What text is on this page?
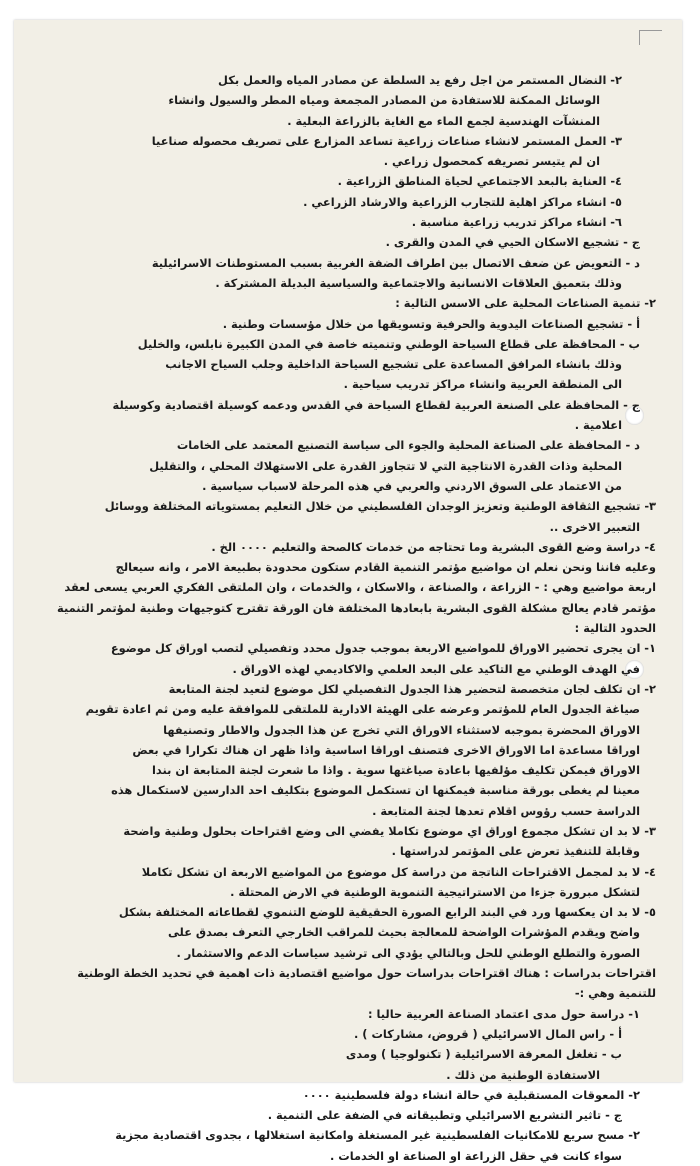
٢- النضال المستمر من اجل رفع يد السلطة عن مصادر المياه والعمل بكل

الوسائل الممكنة للاستفادة من المصادر المجمعة ومياه المطر والسيول وانشاء

المنشآت الهندسية لجمع الماء مع الغاية بالزراعة البعلية .

٣- العمل المستمر لانشاء صناعات زراعية تساعد المزارع على تصريف محصوله صناعيا

ان لم يتيسر تصريفه كمحصول زراعي .

٤- العناية بالبعد الاجتماعي لحياة المناطق الزراعية .

٥- انشاء مراكز اهلية للتجارب الزراعية والارشاد الزراعي .

٦- انشاء مراكز تدريب زراعية مناسبة .

ج - تشجيع الاسكان الحيي في المدن والقرى .

د - التعويض عن ضعف الاتصال بين اطراف الضفة الغربية بسبب المستوطنات الاسرائيلية

وذلك بتعميق العلاقات الانسانية والاجتماعية والسياسية البديلة المشتركة .

٢- تنمية الصناعات المحلية على الاسس التالية :

أ - تشجيع الصناعات اليدوية والحرفية وتسويقها من خلال مؤسسات وطنية .

ب - المحافظة على قطاع السياحة الوطني وتنميته خاصة في المدن الكبيرة نابلس، والخليل

وذلك بانشاء المرافق المساعدة على تشجيع السياحة الداخلية وجلب السياح الاجانب

الى المنطقة العربية وانشاء مراكز تدريب سياحية .

ج - المحافظة على الصنعة العربية لقطاع السياحة في القدس ودعمه كوسيلة اقتصادية وكوسيلة

اعلامية .

د - المحافظة على الصناعة المحلية والجوء الى سياسة التصنيع المعتمد على الخامات

المحلية وذات القدرة الانتاجية التي لا تتجاوز القدرة على الاستهلاك المحلي ، والتقليل

من الاعتماد على السوق الاردني والعربي في هذه المرحلة لاسباب سياسية .

٣- تشجيع الثقافة الوطنية وتعزيز الوجدان الفلسطيني من خلال التعليم بمستوياته المختلفة ووسائل

التعبير الاخرى ..

٤- دراسة وضع القوى البشرية وما تحتاجه من خدمات كالصحة والتعليم ٠٠٠٠ الخ .

وعليه فاننا ونحن نعلم ان مواضيع مؤتمر التنمية القادم ستكون محدودة بطبيعة الامر ، وانه سيعالج

اربعة مواضيع وهي : - الزراعة ، والصناعة ، والاسكان ، والخدمات ، وان الملتقى الفكري العربي يسعى لعقد

مؤتمر قادم يعالج مشكلة القوى البشرية بابعادها المختلفة فان الورقة تقترح كتوجيهات وطنية لمؤتمر التنمية

الحدود التالية :

١- ان يجرى تحضير الاوراق للمواضيع الاربعة بموجب جدول محدد وتفصيلي لتصب اوراق كل موضوع

في الهدف الوطني مع التاكيد على البعد العلمي والاكاديمي لهذه الاوراق .

٢- ان تكلف لجان متخصصة لتحضير هذا الجدول التفصيلي لكل موضوع لتعيد لجنة المتابعة

صياغة الجدول العام للمؤتمر وعرضه على الهيئة الادارية للملتقى للموافقة عليه ومن ثم اعادة تقويم

الاوراق المحضرة بموجبه لاستثناء الاوراق التي تخرج عن هذا الجدول والاطار وتصنيفها

اوراقا مساعدة اما الاوراق الاخرى فتصنف اوراقا اساسية واذا ظهر ان هناك تكرارا في بعض

الاوراق فيمكن تكليف مؤلفيها باعادة صياغتها سوية . واذا ما شعرت لجنة المتابعة ان بندا

معينا لم يغطى بورقة مناسبة فيمكنها ان تستكمل الموضوع بتكليف احد الدارسين لاستكمال هذه

الدراسة حسب رؤوس اقلام تعدها لجنة المتابعة .

٣- لا بد ان تشكل مجموع اوراق اي موضوع تكاملا يفضي الى وضع اقتراحات بحلول وطنية واضحة

وقابلة للتنفيذ تعرض على المؤتمر لدراستها .

٤- لا بد لمجمل الاقتراحات الناتجة من دراسة كل موضوع من المواضيع الاربعة ان تشكل تكاملا

لتشكل مبرورة جزءا من الاستراتيجية التنموية الوطنية في الارض المحتلة .

٥- لا بد ان يعكسها ورد في البند الرابع الصورة الحقيقية للوضع التنموي لقطاعاته المختلفة بشكل

واضح ويقدم المؤشرات الواضحة للمعالجة بحيث للمراقب الخارجي التعرف بصدق على

الصورة والتطلع الوطني للحل وبالتالي يؤدي الى ترشيد سياسات الدعم والاستثمار .

اقتراحات بدراسات : هناك اقتراحات بدراسات حول مواضيع اقتصادية ذات اهمية في تحديد الخطة الوطنية

للتنمية وهي :-

١- دراسة حول مدى اعتماد الصناعة العربية حاليا :

أ - راس المال الاسرائيلي ( قروض، مشاركات ) .

ب - تغلغل المعرفة الاسرائيلية ( تكنولوجيا ) ومدى

الاستفادة الوطنية من ذلك .

٢- المعوقات المستقبلية في حالة انشاء دولة فلسطينية ٠٠٠٠

ج - تاثير التشريع الاسرائيلي وتطبيقاته في الضفة على التنمية .

٢- مسح سريع للامكانيات الفلسطينية غير المستغلة وامكانية استغلالها ، بجدوى اقتصادية مجزية

سواء كانت في حقل الزراعة او الصناعة او الخدمات .
